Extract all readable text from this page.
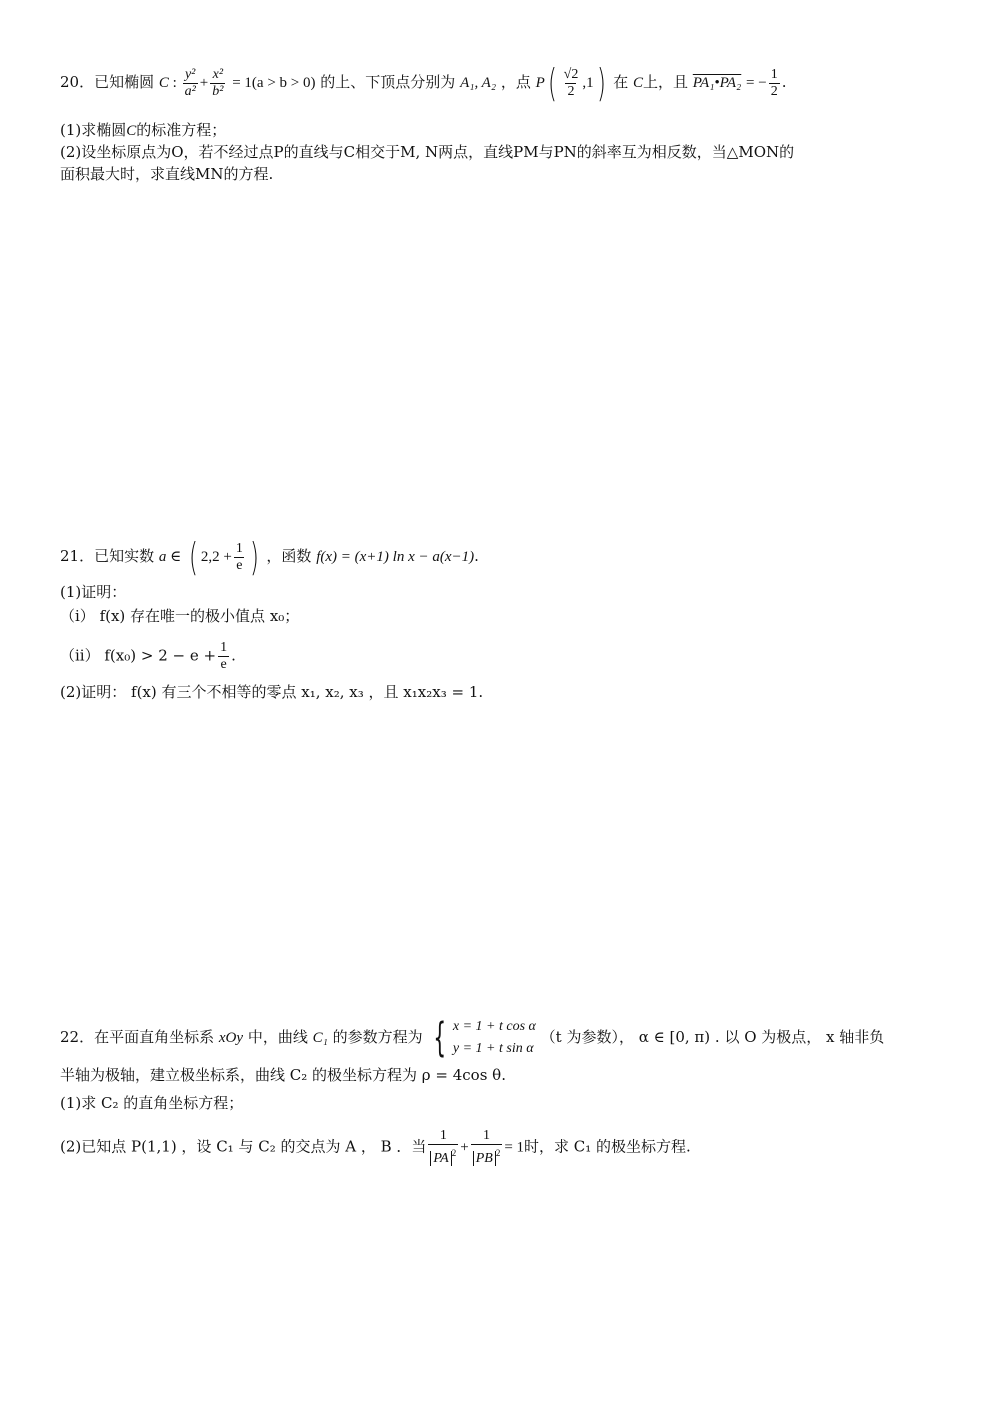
20．已知椭圆 C : $\frac{\text{y²}}{\text{a²}} + \frac{\text{x²}}{\text{b²}} = 1(a > b > 0)$ 的上、下顶点分别为 A₁, A₂ ，点 $P( \frac{√2}{2} ,1)$ 在 C上，且 PA₁•PA₂ = − $\frac{1}{2}$ .
(1)求椭圆C的标准方程；
(2)设坐标原点为O，若不经过点P的直线与C相交于M, N两点，直线PM与PN的斜率互为相反数，当△MON的
面积最大时，求直线MN的方程.
21．已知实数 a ∈ ( $2,2 + \frac{1}{e}$ ) ，函数 f(x) = (x+1) ln x − a(x−1).
(1)证明：
（i） f(x) 存在唯一的极小值点 x₀；
（ii） $f(x_0) > 2 - e + \frac{1}{e}$ .
(2)证明： f(x) 有三个不相等的零点 x₁, x₂, x₃ ，且 x₁x₂x₃ = 1.
22．在平面直角坐标系 xOy 中，曲线 C₁ 的参数方程为 { x = 1 + t cos α
y = 1 + t sin α
（t 为参数）， α ∈ [0, π) . 以 O 为极点， x 轴非负
半轴为极轴，建立极坐标系，曲线 C₂ 的极坐标方程为 ρ = 4cos θ.
(1)求 C₂ 的直角坐标方程；
(2)已知点 P(1,1) ，设 C₁ 与 C₂ 的交点为 A ， B ．当 $\frac{1}{PA ^2} + \frac{1}{PB ^2} = 1$时，求 C₁ 的极坐标方程.
